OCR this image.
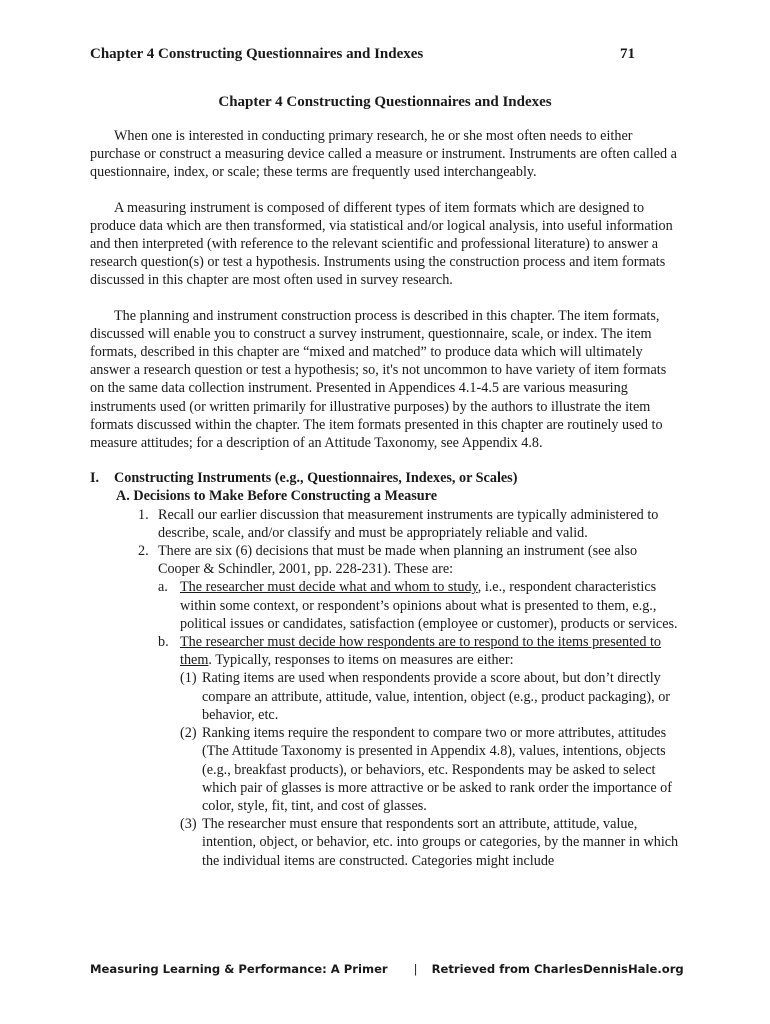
Chapter 4 Constructing Questionnaires and Indexes	71
Chapter 4 Constructing Questionnaires and Indexes

When one is interested in conducting primary research, he or she most often needs to either purchase or construct a measuring device called a measure or instrument. Instruments are often called a questionnaire, index, or scale; these terms are frequently used interchangeably.

A measuring instrument is composed of different types of item formats which are designed to produce data which are then transformed, via statistical and/or logical analysis, into useful information and then interpreted (with reference to the relevant scientific and professional literature) to answer a research question(s) or test a hypothesis. Instruments using the construction process and item formats discussed in this chapter are most often used in survey research.

The planning and instrument construction process is described in this chapter. The item formats, discussed will enable you to construct a survey instrument, questionnaire, scale, or index. The item formats, described in this chapter are “mixed and matched” to produce data which will ultimately answer a research question or test a hypothesis; so, it's not uncommon to have variety of item formats on the same data collection instrument. Presented in Appendices 4.1-4.5 are various measuring instruments used (or written primarily for illustrative purposes) by the authors to illustrate the item formats discussed within the chapter. The item formats presented in this chapter are routinely used to measure attitudes; for a description of an Attitude Taxonomy, see Appendix 4.8.

I. Constructing Instruments (e.g., Questionnaires, Indexes, or Scales)
A. Decisions to Make Before Constructing a Measure
1. Recall our earlier discussion that measurement instruments are typically administered to describe, scale, and/or classify and must be appropriately reliable and valid.
2. There are six (6) decisions that must be made when planning an instrument (see also Cooper & Schindler, 2001, pp. 228-231). These are:
a. The researcher must decide what and whom to study, i.e., respondent characteristics within some context, or respondent’s opinions about what is presented to them, e.g., political issues or candidates, satisfaction (employee or customer), products or services.
b. The researcher must decide how respondents are to respond to the items presented to them. Typically, responses to items on measures are either:
(1) Rating items are used when respondents provide a score about, but don’t directly compare an attribute, attitude, value, intention, object (e.g., product packaging), or behavior, etc.
(2) Ranking items require the respondent to compare two or more attributes, attitudes (The Attitude Taxonomy is presented in Appendix 4.8), values, intentions, objects (e.g., breakfast products), or behaviors, etc. Respondents may be asked to select which pair of glasses is more attractive or be asked to rank order the importance of color, style, fit, tint, and cost of glasses.
(3) The researcher must ensure that respondents sort an attribute, attitude, value, intention, object, or behavior, etc. into groups or categories, by the manner in which the individual items are constructed. Categories might include
Measuring Learning & Performance: A Primer | Retrieved from CharlesDennisHale.org
